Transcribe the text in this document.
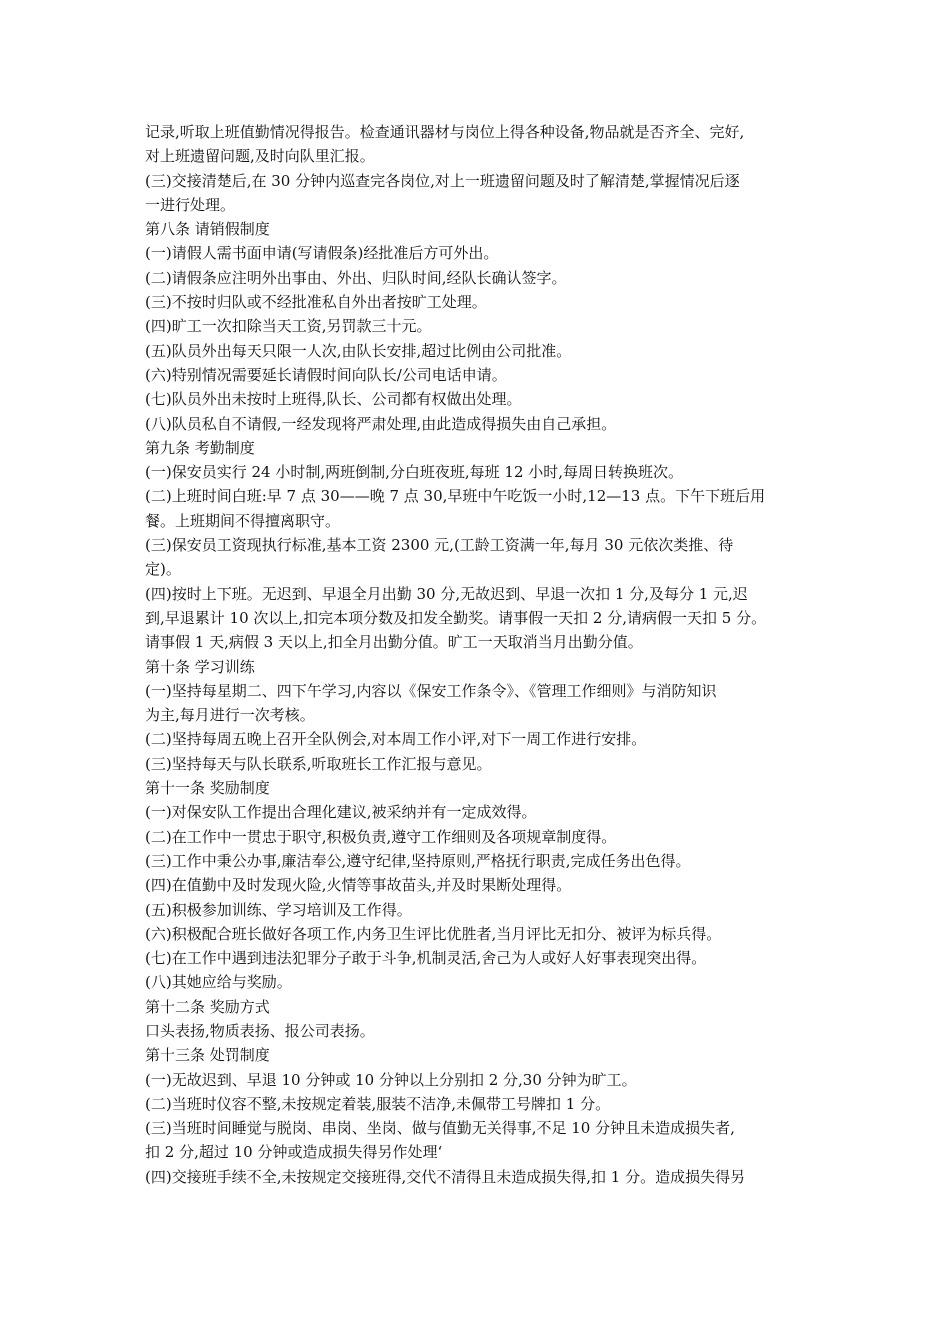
记录,听取上班值勤情况得报告。检查通讯器材与岗位上得各种设备,物品就是否齐全、完好,
对上班遗留问题,及时向队里汇报。
(三)交接清楚后,在 30 分钟内巡查完各岗位,对上一班遗留问题及时了解清楚,掌握情况后逐
一进行处理。
第八条 请销假制度
(一)请假人需书面申请(写请假条)经批准后方可外出。
(二)请假条应注明外出事由、外出、归队时间,经队长确认签字。
(三)不按时归队或不经批准私自外出者按旷工处理。
(四)旷工一次扣除当天工资,另罚款三十元。
(五)队员外出每天只限一人次,由队长安排,超过比例由公司批准。
(六)特别情况需要延长请假时间向队长/公司电话申请。
(七)队员外出未按时上班得,队长、公司都有权做出处理。
(八)队员私自不请假,一经发现将严肃处理,由此造成得损失由自己承担。
第九条 考勤制度
(一)保安员实行 24 小时制,两班倒制,分白班夜班,每班 12 小时,每周日转换班次。
(二)上班时间白班:早 7 点 30——晚 7 点 30,早班中午吃饭一小时,12—13 点。下午下班后用
餐。上班期间不得擅离职守。
(三)保安员工资现执行标准,基本工资 2300 元,(工龄工资满一年,每月 30 元依次类推、待
定)。
(四)按时上下班。无迟到、早退全月出勤 30 分,无故迟到、早退一次扣 1 分,及每分 1 元,迟
到,早退累计 10 次以上,扣完本项分数及扣发全勤奖。请事假一天扣 2 分,请病假一天扣 5 分。
请事假 1 天,病假 3 天以上,扣全月出勤分值。旷工一天取消当月出勤分值。
第十条 学习训练
(一)坚持每星期二、四下午学习,内容以《保安工作条令》、《管理工作细则》与消防知识
为主,每月进行一次考核。
(二)坚持每周五晚上召开全队例会,对本周工作小评,对下一周工作进行安排。
(三)坚持每天与队长联系,听取班长工作汇报与意见。
第十一条 奖励制度
(一)对保安队工作提出合理化建议,被采纳并有一定成效得。
(二)在工作中一贯忠于职守,积极负责,遵守工作细则及各项规章制度得。
(三)工作中秉公办事,廉洁奉公,遵守纪律,坚持原则,严格抚行职责,完成任务出色得。
(四)在值勤中及时发现火险,火情等事故苗头,并及时果断处理得。
(五)积极参加训练、学习培训及工作得。
(六)积极配合班长做好各项工作,内务卫生评比优胜者,当月评比无扣分、被评为标兵得。
(七)在工作中遇到违法犯罪分子敢于斗争,机制灵活,舍己为人或好人好事表现突出得。
(八)其她应给与奖励。
第十二条 奖励方式
口头表扬,物质表扬、报公司表扬。
第十三条 处罚制度
(一)无故迟到、早退 10 分钟或 10 分钟以上分别扣 2 分,30 分钟为旷工。
(二)当班时仪容不整,未按规定着装,服装不洁净,未佩带工号牌扣 1 分。
(三)当班时间睡觉与脱岗、串岗、坐岗、做与值勤无关得事,不足 10 分钟且未造成损失者,
扣 2 分,超过 10 分钟或造成损失得另作处理‘
(四)交接班手续不全,未按规定交接班得,交代不清得且未造成损失得,扣 1 分。造成损失得另
